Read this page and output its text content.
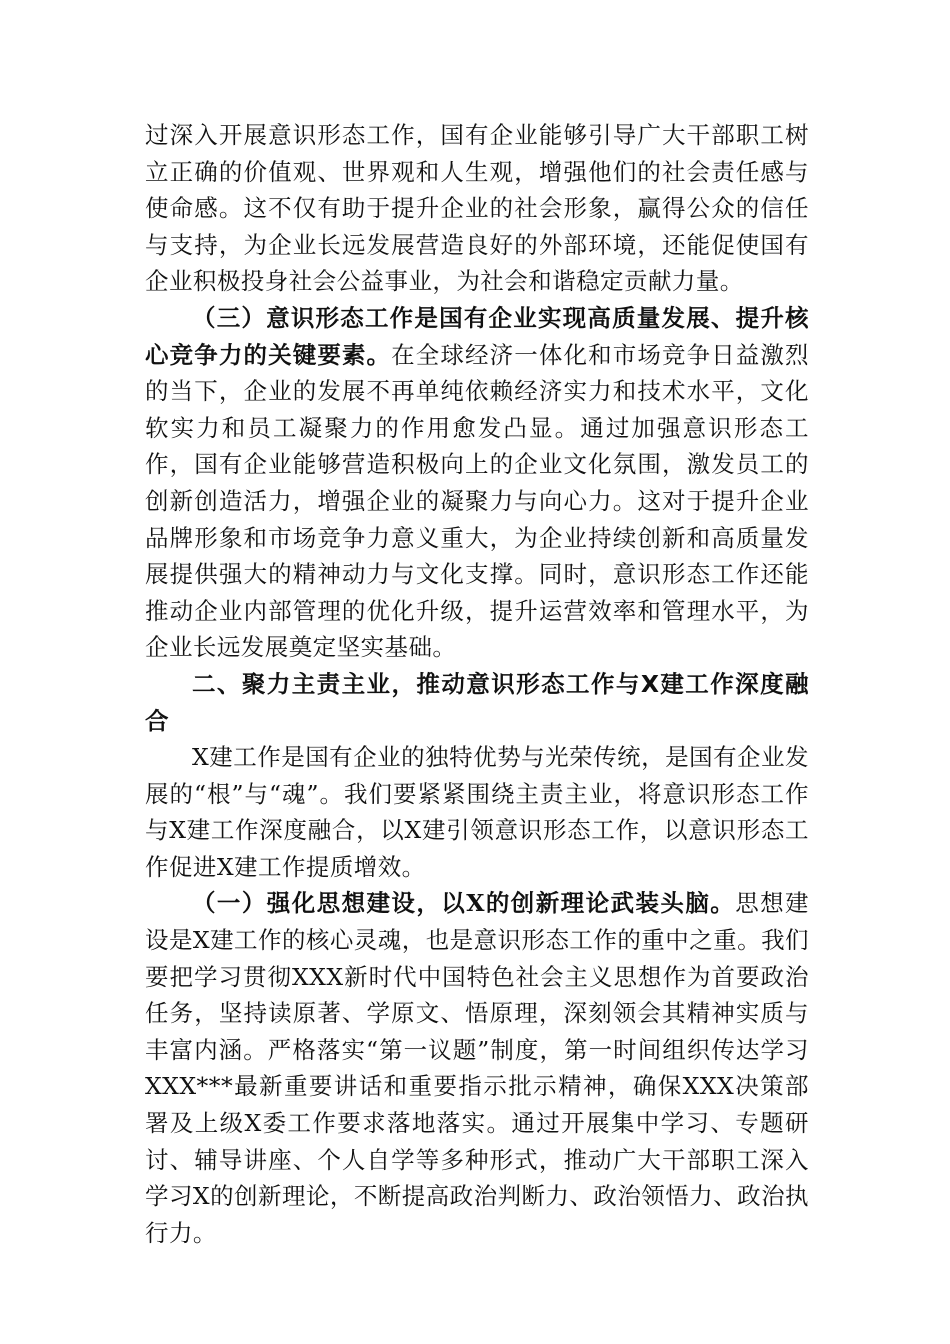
过深入开展意识形态工作，国有企业能够引导广大干部职工树立正确的价值观、世界观和人生观，增强他们的社会责任感与使命感。这不仅有助于提升企业的社会形象，赢得公众的信任与支持，为企业长远发展营造良好的外部环境，还能促使国有企业积极投身社会公益事业，为社会和谐稳定贡献力量。

（三）意识形态工作是国有企业实现高质量发展、提升核心竞争力的关键要素。在全球经济一体化和市场竞争日益激烈的当下，企业的发展不再单纯依赖经济实力和技术水平，文化软实力和员工凝聚力的作用愈发凸显。通过加强意识形态工作，国有企业能够营造积极向上的企业文化氛围，激发员工的创新创造活力，增强企业的凝聚力与向心力。这对于提升企业品牌形象和市场竞争力意义重大，为企业持续创新和高质量发展提供强大的精神动力与文化支撑。同时，意识形态工作还能推动企业内部管理的优化升级，提升运营效率和管理水平，为企业长远发展奠定坚实基础。

二、聚力主责主业，推动意识形态工作与X建工作深度融合

X建工作是国有企业的独特优势与光荣传统，是国有企业发展的“根”与“魂”。我们要紧紧围绕主责主业，将意识形态工作与X建工作深度融合，以X建引领意识形态工作，以意识形态工作促进X建工作提质增效。

（一）强化思想建设，以X的创新理论武装头脑。思想建设是X建工作的核心灵魂，也是意识形态工作的重中之重。我们要把学习贯彻XXX新时代中国特色社会主义思想作为首要政治任务，坚持读原著、学原文、悟原理，深刻领会其精神实质与丰富内涵。严格落实“第一议题”制度，第一时间组织传达学习XXX***最新重要讲话和重要指示批示精神，确保XXX决策部署及上级X委工作要求落地落实。通过开展集中学习、专题研讨、辅导讲座、个人自学等多种形式，推动广大干部职工深入学习X的创新理论，不断提高政治判断力、政治领悟力、政治执行力。
